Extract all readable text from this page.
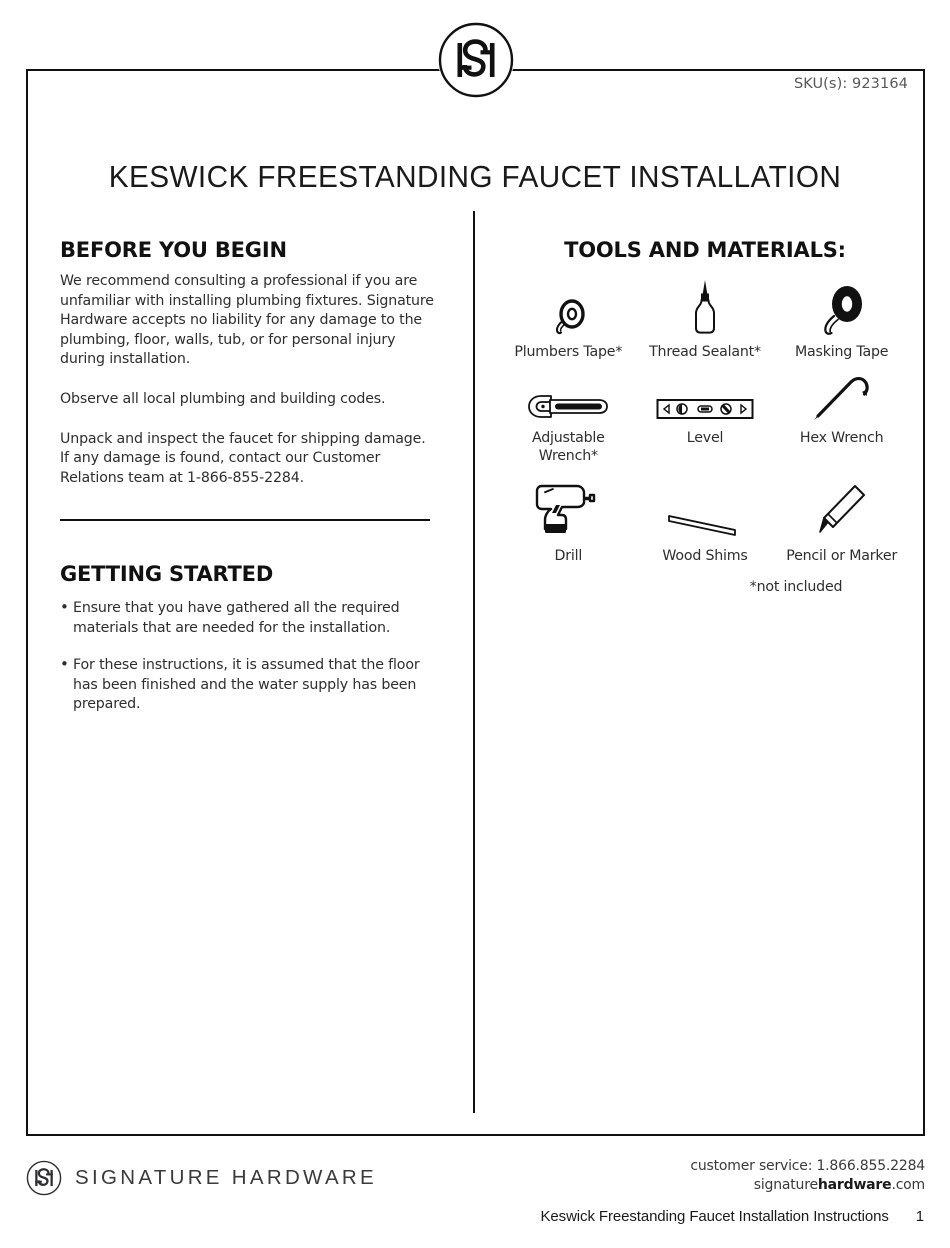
SKU(s): 923164
KESWICK FREESTANDING FAUCET INSTALLATION
BEFORE YOU BEGIN

We recommend consulting a professional if you are unfamiliar with installing plumbing fixtures. Signature Hardware accepts no liability for any damage to the plumbing, floor, walls, tub, or for personal injury during installation.

Observe all local plumbing and building codes.

Unpack and inspect the faucet for shipping damage. If any damage is found, contact our Customer Relations team at 1-866-855-2284.

GETTING STARTED
• Ensure that you have gathered all the required materials that are needed for the installation.
• For these instructions, it is assumed that the floor has been finished and the water supply has been prepared.
TOOLS AND MATERIALS:
Plumbers Tape* Thread Sealant* Masking Tape
Adjustable Wrench*
Level	Hex Wrench
Drill	Wood Shims	Pencil or Marker
*not included
SIGNATURE HARDWARE	customer service: 1.866.855.2284
signaturehardware.com
Keswick Freestanding Faucet Installation Instructions 1
